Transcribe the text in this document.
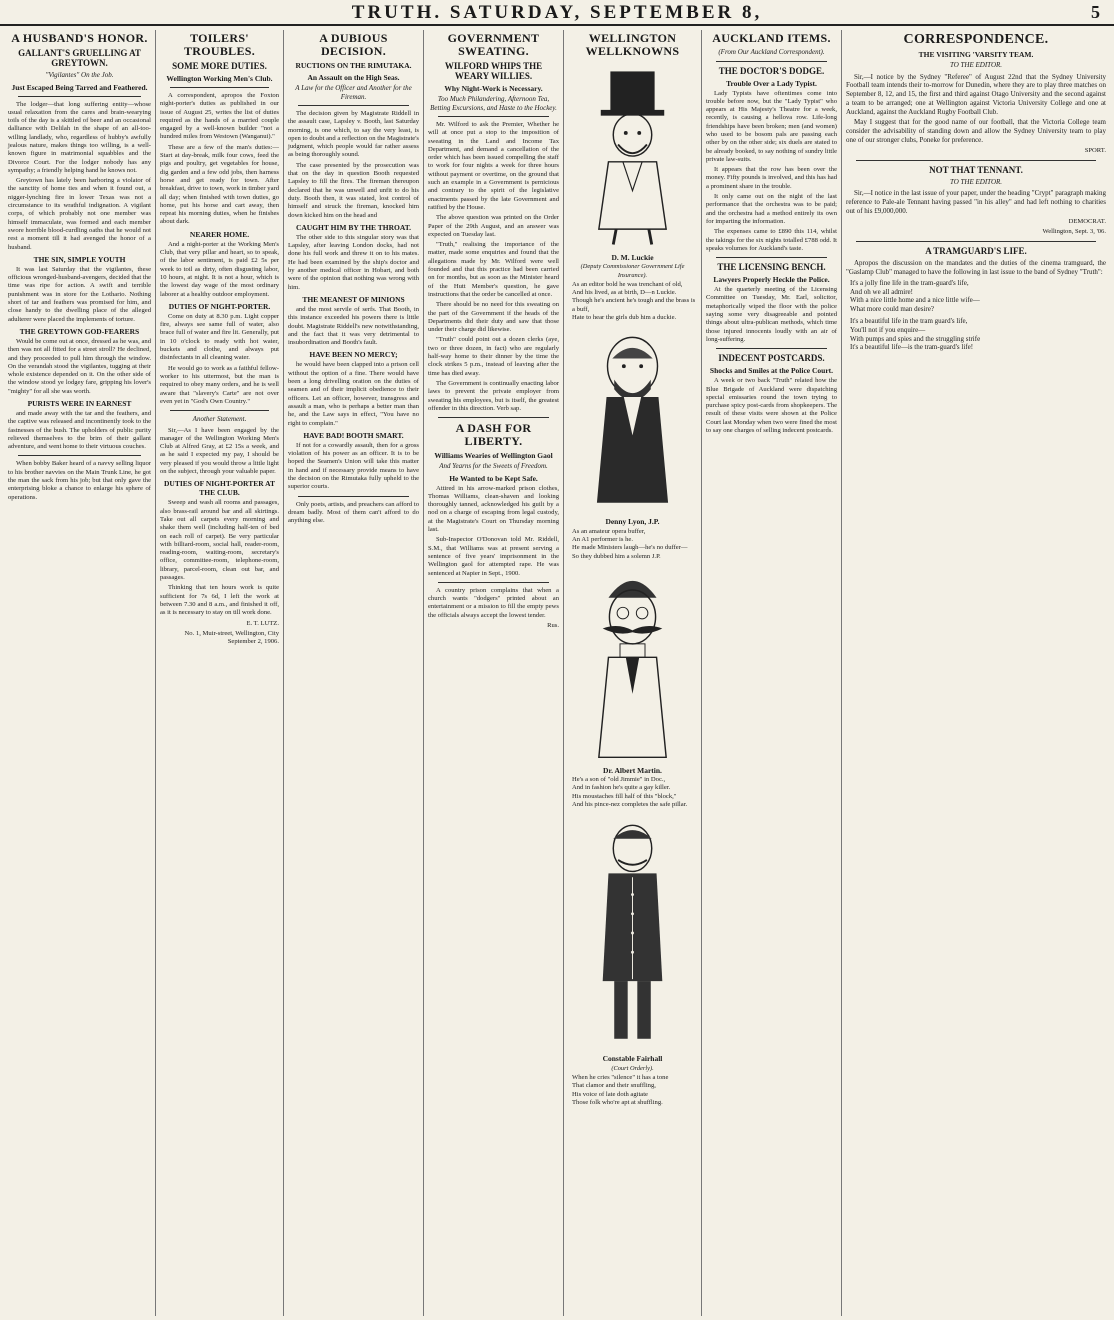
TRUTH. SATURDAY, SEPTEMBER 8,	5
A HUSBAND'S HONOR.
GALLANT'S GRUELLING AT GREYTOWN.
"Vigilantes" On the Job.
Just Escaped Being Tarred and Feathered.

The lodger—that long suffering entity—whose usual relaxation from the cares and brain-wearying toils of the day is a skittled of beer and an occasional dalliance with Delilah in the shape of an all-too-willing landlady, who, regardless of hubby's awfully jealous nature, makes things too willing, is a well-known figure in matrimonial squabbles and the Divorce Court. For the lodger nobody has any sympathy; a friendly helping hand he knows not.

Greytown has lately been harboring a violator of the sanctity of home ties and when it found out, a nigger-lynching fire in lower Texas was not a circumstance to its wrathful indignation. A vigilant corps, of which probably not one member was himself immaculate, was formed and each member swore horrible blood-curdling oaths that he would not rest a moment till it had avenged the honor of a husband.

THE SIN, SIMPLE YOUTH

It was last Saturday that the vigilantes, these officious wronged-husband-avengers, decided that the time was ripe for action. A swift and terrible punishment was in store for the Lothario. Nothing short of tar and feathers was promised for him, and close handy to the dwelling place of the alleged adulterer were placed the implements of torture.

THE GREYTOWN GOD-FEARERS

Would be come out at once, dressed as he was, and then was not all fitted for a street stroll? He declined, and they proceeded to pull him through the window. On the verandah stood the vigilantes, tugging at their whole existence depended on it. On the other side of the window stood ye lodgey fare, gripping his lover's "mighty" for all she was worth.

PURISTS WERE IN EARNEST

and made away with the tar and the feathers, and the captive was released and incontinently took to the fastnesses of the bush. The upholders of public purity relieved themselves to the brim of their gallant adventure, and went home to their virtuous couches.

When bobby Baker heard of a navvy selling liquor to his brother navvies on the Main Trunk Line, he got the man the sack from his job; but that only gave the enterprising bloke a chance to enlarge his sphere of operations.

TOILERS' TROUBLES.
SOME MORE DUTIES.
Wellington Working Men's Club.

A correspondent, apropos the Foxton night-porter's duties as published in our issue of August 25, writes the list of duties required as the hands of a married couple engaged by a well-known builder "not a hundred miles from Westown (Wanganui)."

These are a few of the man's duties:—Start at day-break, milk four cows, feed the pigs and poultry, get vegetables for house, dig garden and a few odd jobs, then harness horse and get ready for town. After breakfast, drive to town, work in timber yard all day; when finished with town duties, go home, put his horse and cart away, then repeat his morning duties, when he finishes about dark.

NEARER HOME.

And a night-porter at the Working Men's Club, that very pillar and heart, so to speak, of the labor sentiment, is paid £2 5s per week to toil as dirty, often disgusting labor, 10 hours, at night. It is not a hour, which is the lowest day wage of the most ordinary laborer at a healthy outdoor employment.

DUTIES OF NIGHT-PORTER.

Come on duty at 8.30 p.m. Light copper fire, always see same full of water, also brace full of water and fire lit. Generally, put in 10 o'clock to ready with hot water, buckets and clothe, and always put disinfectants in all cleaning water.

He would go to work as a faithful fellow-worker to his uttermost, but the man is required to obey many orders, and he is well aware that "slavery's Carte" are not over even yet in "God's Own Country."

Another Statement.

Sir,—As I have been engaged by the manager of the Wellington Working Men's Club at Alfred Gray, at £2 15s a week, and as he said I expected my pay, I should be very pleased if you would throw a little light on the subject, through your valuable paper.

DUTIES OF NIGHT-PORTER AT THE CLUB.

Sweep and wash all rooms and passages, also brass-rail around bar and all skirtings. Take out all carpets every morning and shake them well (including half-ten of bed on each roll of carpet). Be very particular with billiard-room, social hall, reader-room, reading-room, waiting-room, secretary's office, committee-room, telephone-room, library, parcel-room, clean out bar, and passages.

Thinking that ten hours work is quite sufficient for 7s 6d, I left the work at between 7.30 and 8 a.m., and finished it off, as it is necessary to stay on till work done.

E. T. LUTZ.
No. 1, Muir-street, Wellington, City September 2, 1906.
A DUBIOUS DECISION.
RUCTIONS ON THE RIMUTAKA.
An Assault on the High Seas.
A Law for the Officer and Another for the Fireman.

The decision given by Magistrate Riddell in the assault case, Lapsley v. Booth, last Saturday morning, is one which, to say the very least, is open to doubt and a reflection on the Magistrate's judgment, which people would far rather assess as being thoroughly sound.

The case presented by the prosecution was that on the day in question Booth requested Lapsley to fill the fires. The fireman thereupon declared that he was unwell and unfit to do his duty. Booth then, it was stated, lost control of himself and struck the fireman, knocked him down kicked him on the head and

CAUGHT HIM BY THE THROAT.

The other side to this singular story was that Lapsley, after leaving London docks, had not done his full work and threw it on to his mates. He had been examined by the ship's doctor and by another medical officer in Hobart, and both were of the opinion that nothing was wrong with him.

THE MEANEST OF MINIONS

and the most servile of serfs. That Booth, in this instance exceeded his powers there is little doubt. Magistrate Riddell's new notwithstanding, and the fact that it was very detrimental to insubordination and Booth's fault.

HAVE BEEN NO MERCY;

he would have been clapped into a prison cell without the option of a fine. There would have been a long drivelling oration on the duties of seamen and of their implicit obedience to their officers. Let an officer, however, transgress and assault a man, who is perhaps a better man than he, and the Law says in effect, "You have no right to complain."

HAVE BAD! BOOTH SMART.

If not for a cowardly assault, then for a gross violation of his power as an officer. It is to be hoped the Seamen's Union will take this matter in hand and if necessary provide means to have the decision on the Rimutaka fully upheld to the superior courts.

Only poets, artists, and preachers can afford to dream badly. Most of them can't afford to do anything else.

GOVERNMENT SWEATING.
WILFORD WHIPS THE WEARY WILLIES.
Why Night-Work is Necessary.
Too Much Philandering, Afternoon Tea, Betting Excursions, and Haste to the Hockey.

Mr. Wilford to ask the Premier, Whether he will at once put a stop to the imposition of sweating in the Land and Income Tax Department, and demand a cancellation of the order which has been issued compelling the staff to work for four nights a week for three hours without payment or overtime, on the ground that such an example in a Government is pernicious and contrary to the spirit of the legislative enactments passed by the late Government and ratified by the House.

The above question was printed on the Order Paper of the 29th August, and an answer was expected on Tuesday last.

"Truth," realising the importance of the matter, made some enquiries and found that the allegations made by Mr. Wilford were well founded and that this practice had been carried on for months, but as soon as the Minister heard of the Hutt Member's question, he gave instructions that the order be cancelled at once.

There should be no need for this sweating on the part of the Government if the heads of the Departments did their duty and saw that those under their charge did likewise.

"Truth" could point out a dozen clerks (aye, two or three dozen, in fact) who are regularly half-way home to their dinner by the time the clock strikes 5 p.m., instead of leaving after the time has died away.

The Government is continually enacting labor laws to prevent the private employer from sweating his employees, but is itself, the greatest offender in this direction. Verb sap.

A DASH FOR LIBERTY.
Williams Wearies of Wellington Gaol
And Yearns for the Sweets of Freedom.
He Wanted to be Kept Safe.

Attired in his arrow-marked prison clothes, Thomas Williams, clean-shaven and looking thoroughly tanned, acknowledged his guilt by a nod on a charge of escaping from legal custody, at the Magistrate's Court on Thursday morning last.

Sub-Inspector O'Donovan told Mr. Riddell, S.M., that Williams was at present serving a sentence of five years' imprisonment in the Wellington gaol for attempted rape. He was sentenced at Napier in Sept., 1900.

A country prison complains that when a church wants "dodgers" printed about an entertainment or a mission to fill the empty pews the officials always accept the lowest tender.

Rus.
WELLINGTON WELLKNOWNS
D. M. Luckie
(Deputy Commissioner Government Life Insurance).
As an editor bold he was trenchant of old,
And his lived, as at birth, D—n Luckie.
Though he's ancient he's tough and the brass is a buff,
Hate to hear the girls dub him a duckie.
Denny Lyon, J.P.
As an amateur opera buffer,
An A1 performer is he.
He made Ministers laugh—he's no duffer—
So they dubbed him a solemn J.P.
Dr. Albert Martin.
He's a son of "old Jimmie" in Doc.,
And in fashion he's quite a gay killer.
His moustaches fill half of this "block,"
And his pince-nez completes the safe pillar.
Constable Fairhall
(Court Orderly).
When he cries "silence" it has a tone
That clamor and their snuffling,
His voice of late doth agitate
Those folk who're apt at shuffling.
AUCKLAND ITEMS.
(From Our Auckland Correspondent).
THE DOCTOR'S DODGE.
Trouble Over a Lady Typist.

Lady Typists have oftentimes come into trouble before now, but the "Lady Typist" who appears at His Majesty's Theatre for a week, recently, is causing a hellova row. Life-long friendships have been broken; men (and women) who used to be bosom pals are passing each other by on the other side; six duels are stated to be already booked, to say nothing of sundry little private law-suits.

It appears that the row has been over the money. Fifty pounds is involved, and this has had a prominent share in the trouble.

It only came out on the night of the last performance that the orchestra was to be paid; and the orchestra had a method entirely its own for imparting the information.

The expenses came to £890 this 114, whilst the takings for the six nights totalled £788 odd. It speaks volumes for Auckland's taste.

THE LICENSING BENCH.
Lawyers Properly Heckle the Police.

At the quarterly meeting of the Licensing Committee on Tuesday, Mr. Earl, solicitor, metaphorically wiped the floor with the police saying some very disagreeable and pointed things about ultra-publican methods, which time those injured innocents loudly with an air of long-suffering.

INDECENT POSTCARDS.
Shocks and Smiles at the Police Court.

A week or two back "Truth" related how the Blue Brigade of Auckland were dispatching special emissaries round the town trying to purchase spicy post-cards from shopkeepers. The result of these visits were shown at the Police Court last Monday when two were fined the most to say one charges of selling indecent postcards.

CORRESPONDENCE.
THE VISITING 'VARSITY TEAM.
TO THE EDITOR.

Sir,—I notice by the Sydney "Referee" of August 22nd that the Sydney University Football team intends their to-morrow for Dunedin, where they are to play three matches on September 8, 12, and 15, the first and third against Otago University and the second against a team to be arranged; one at Wellington against Victoria University College and one at Auckland, against the Auckland Rugby Football Club.

May I suggest that for the good name of our football, that the Victoria College team consider the advisability of standing down and allow the Sydney University team to play one of our stronger clubs, Poneke for preference.

SPORT.
NOT THAT TENNANT.
TO THE EDITOR.

Sir,—I notice in the last issue of your paper, under the heading "Crypt" paragraph making reference to Pale-ale Tennant having passed "in his alley" and had left nothing to charities out of his £9,000,000.

DEMOCRAT.
Wellington, Sept. 3, '06.
A TRAMGUARD'S LIFE.

Apropos the discussion on the mandates and the duties of the cinema tramguard, the "Gaslamp Club" managed to have the following in last issue to the band of Sydney "Truth":

It's a jolly fine life in the tram-guard's life,
And oh we all admire!
With a nice little home and a nice little wife—
What more could man desire?
It's a beautiful life in the tram guard's life,
You'll not if you enquire—
With pumps and spies and the struggling strife
It's a beautiful life—is the tram-guard's life!
